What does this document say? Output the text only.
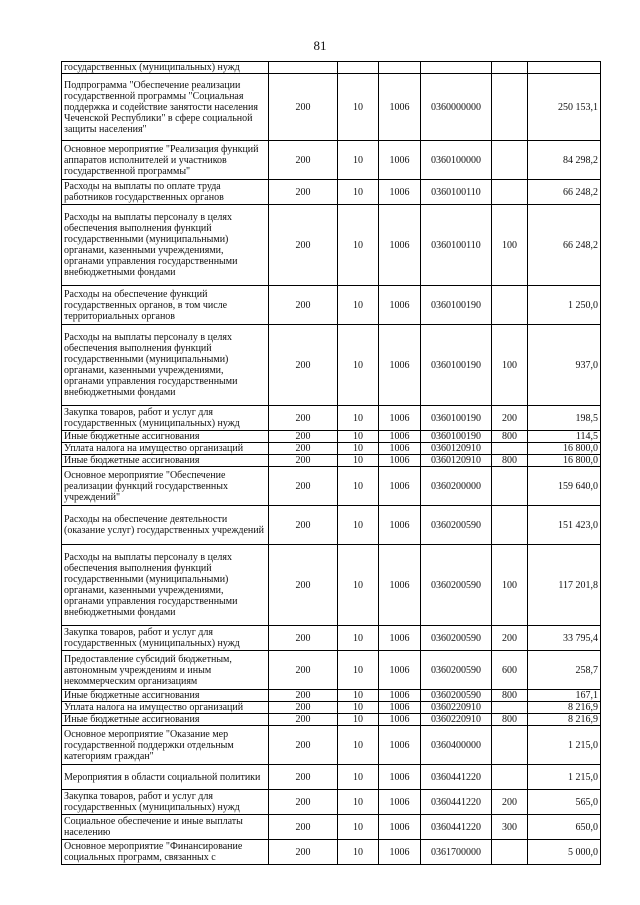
81
государственных (муниципальных) нужд						
Подпрограмма "Обеспечение реализации государственной программы "Социальная поддержка и содействие занятости населения Чеченской Республики" в сфере социальной защиты населения"	200	10	1006	0360000000		250 153,1
Основное мероприятие "Реализация функций аппаратов исполнителей и участников государственной программы"	200	10	1006	0360100000		84 298,2
Расходы на выплаты по оплате труда работников государственных органов	200	10	1006	0360100110		66 248,2
Расходы на выплаты персоналу в целях обеспечения выполнения функций государственными (муниципальными) органами, казенными учреждениями, органами управления государственными внебюджетными фондами	200	10	1006	0360100110	100	66 248,2
Расходы на обеспечение функций государственных органов, в том числе территориальных органов	200	10	1006	0360100190		1 250,0
Расходы на выплаты персоналу в целях обеспечения выполнения функций государственными (муниципальными) органами, казенными учреждениями, органами управления государственными внебюджетными фондами	200	10	1006	0360100190	100	937,0
Закупка товаров, работ и услуг для государственных (муниципальных) нужд	200	10	1006	0360100190	200	198,5
Иные бюджетные ассигнования	200	10	1006	0360100190	800	114,5
Уплата налога на имущество организаций	200	10	1006	0360120910		16 800,0
Иные бюджетные ассигнования	200	10	1006	0360120910	800	16 800,0
Основное мероприятие "Обеспечение реализации функций государственных учреждений"	200	10	1006	0360200000		159 640,0
Расходы на обеспечение деятельности (оказание услуг) государственных учреждений	200	10	1006	0360200590		151 423,0
Расходы на выплаты персоналу в целях обеспечения выполнения функций государственными (муниципальными) органами, казенными учреждениями, органами управления государственными внебюджетными фондами	200	10	1006	0360200590	100	117 201,8
Закупка товаров, работ и услуг для государственных (муниципальных) нужд	200	10	1006	0360200590	200	33 795,4
Предоставление субсидий бюджетным, автономным учреждениям и иным некоммерческим организациям	200	10	1006	0360200590	600	258,7
Иные бюджетные ассигнования	200	10	1006	0360200590	800	167,1
Уплата налога на имущество организаций	200	10	1006	0360220910		8 216,9
Иные бюджетные ассигнования	200	10	1006	0360220910	800	8 216,9
Основное мероприятие "Оказание мер государственной поддержки отдельным категориям граждан"	200	10	1006	0360400000		1 215,0
Мероприятия в области социальной политики	200	10	1006	0360441220		1 215,0
Закупка товаров, работ и услуг для государственных (муниципальных) нужд	200	10	1006	0360441220	200	565,0
Социальное обеспечение и иные выплаты населению	200	10	1006	0360441220	300	650,0
Основное мероприятие "Финансирование социальных программ, связанных с	200	10	1006	0361700000		5 000,0
